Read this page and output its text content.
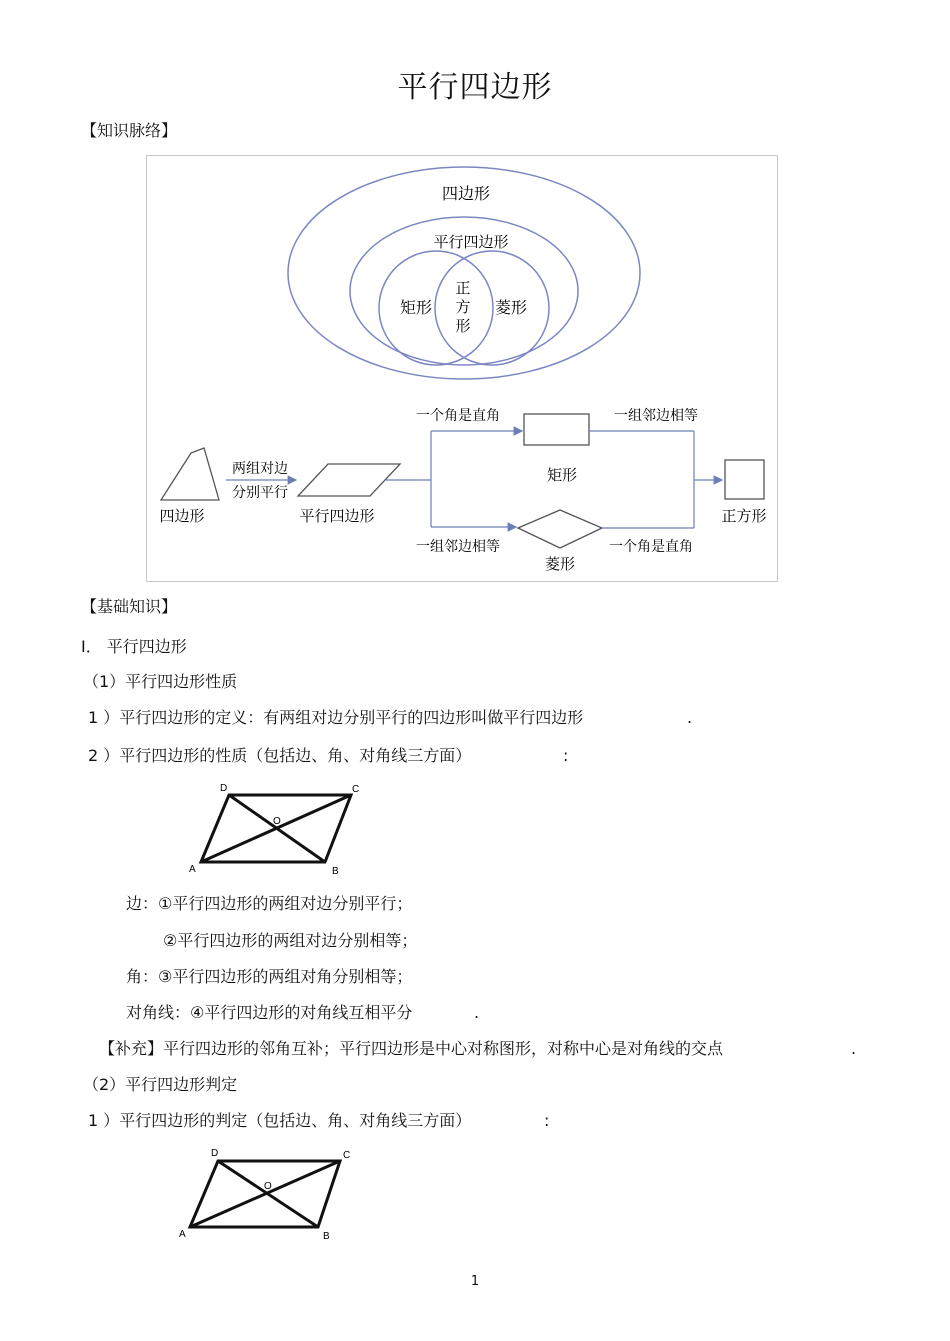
平行四边形
【知识脉络】
四边形
平行四边形
矩形	菱形
正
方
形
四边形
两组对边
分别平行
平行四边形
一个角是直角
一组邻边相等
矩形
菱形
一组邻边相等
一个角是直角
正方形
【基础知识】
Ⅰ． 平行四边形
（1）平行四边形性质
1 ）平行四边形的定义：有两组对边分别平行的四边形叫做平行四边形	.
2 ）平行四边形的性质（包括边、角、对角线三方面）	:
D	C
O
A	B
边：①平行四边形的两组对边分别平行；
②平行四边形的两组对边分别相等；
角：③平行四边形的两组对角分别相等；
对角线：④平行四边形的对角线互相平分	.
【补充】平行四边形的邻角互补；平行四边形是中心对称图形，对称中心是对角线的交点	.
（2）平行四边形判定
1 ）平行四边形的判定（包括边、角、对角线三方面）	:
D	C
O
A	B
1
